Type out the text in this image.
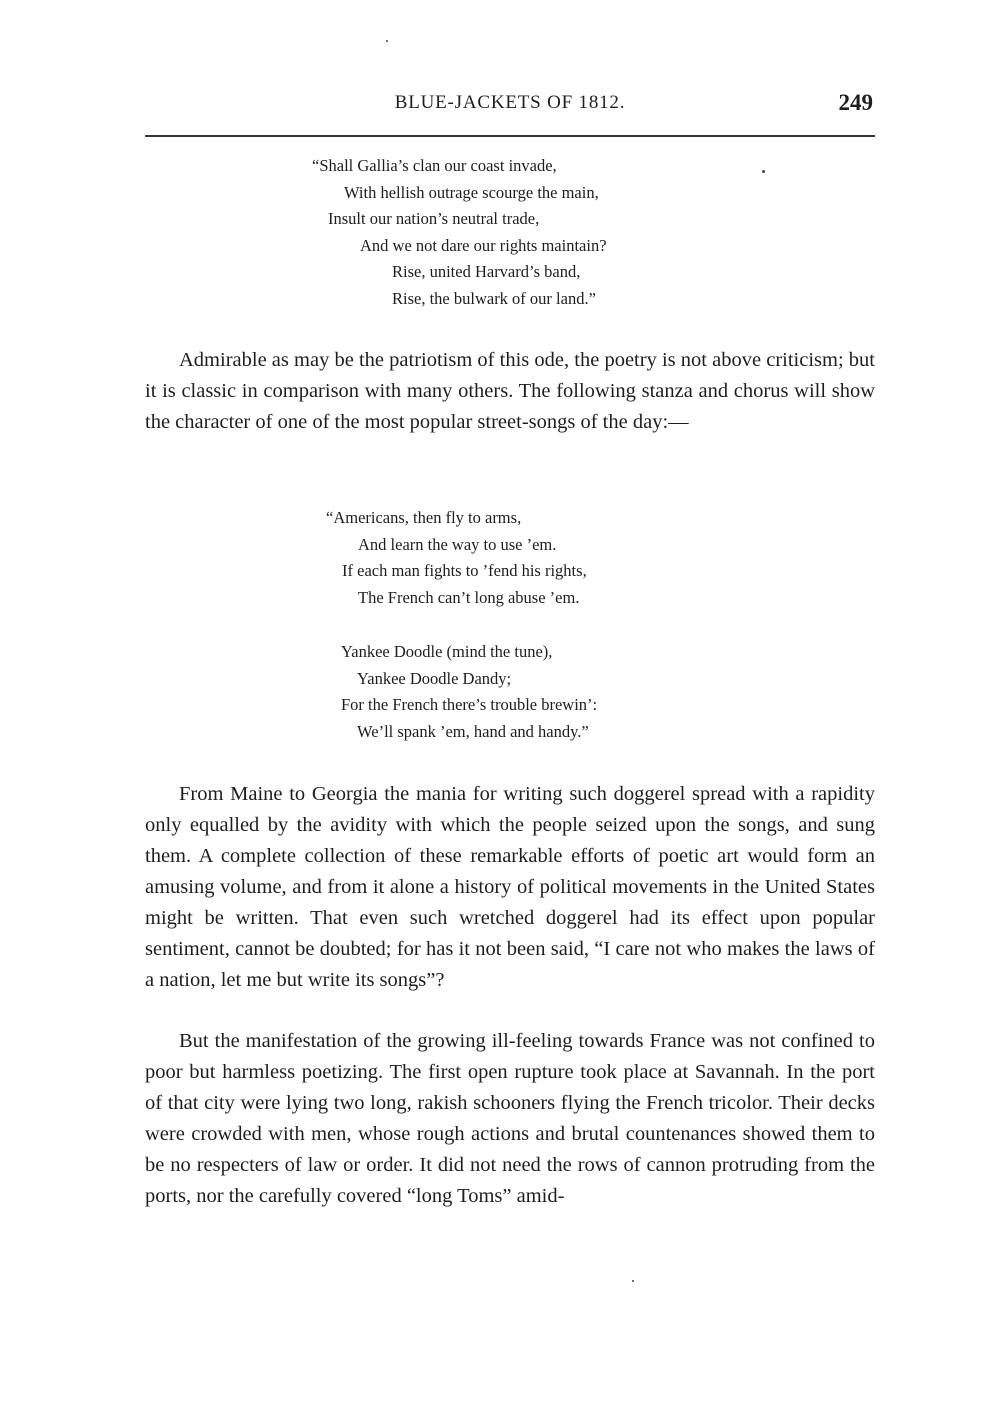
BLUE-JACKETS OF 1812.	249
“Shall Gallia’s clan our coast invade,
With hellish outrage scourge the main,
Insult our nation’s neutral trade,
And we not dare our rights maintain?
Rise, united Harvard’s band,
Rise, the bulwark of our land.”

Admirable as may be the patriotism of this ode, the poetry is not above criticism; but it is classic in comparison with many others. The following stanza and chorus will show the character of one of the most popular street-songs of the day:—

“Americans, then fly to arms,
And learn the way to use ’em.
If each man fights to ’fend his rights,
The French can’t long abuse ’em.
Yankee Doodle (mind the tune),
Yankee Doodle Dandy;
For the French there’s trouble brewin’:
We’ll spank ’em, hand and handy.”

From Maine to Georgia the mania for writing such doggerel spread with a rapidity only equalled by the avidity with which the people seized upon the songs, and sung them. A complete collection of these remarkable efforts of poetic art would form an amusing volume, and from it alone a history of political movements in the United States might be written. That even such wretched doggerel had its effect upon popular sentiment, cannot be doubted; for has it not been said, “I care not who makes the laws of a nation, let me but write its songs”?

But the manifestation of the growing ill-feeling towards France was not confined to poor but harmless poetizing. The first open rupture took place at Savannah. In the port of that city were lying two long, rakish schooners flying the French tricolor. Their decks were crowded with men, whose rough actions and brutal countenances showed them to be no respecters of law or order. It did not need the rows of cannon protruding from the ports, nor the carefully covered “long Toms” amid-
